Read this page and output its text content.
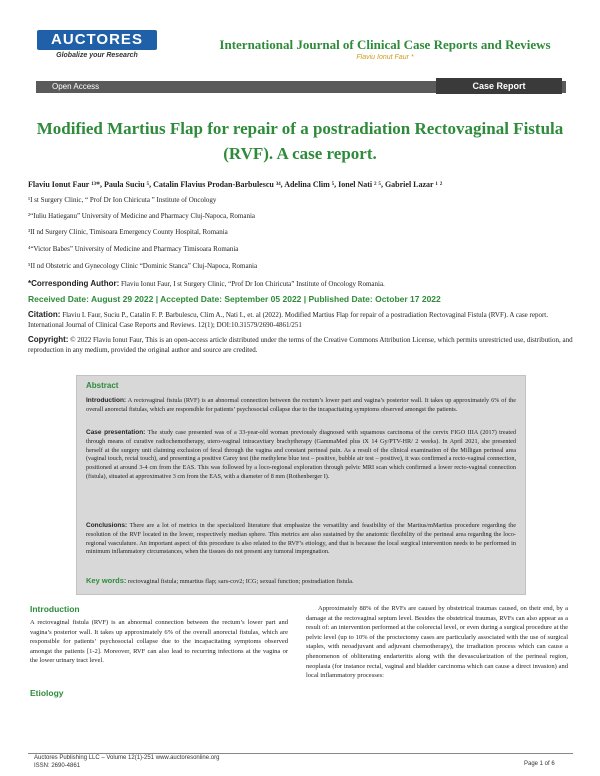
AUCTORES
Globalize your Research
International Journal of Clinical Case Reports and Reviews
Flaviu Ionut Faur *
Open Access	Case Report
Modified Martius Flap for repair of a postradiation Rectovaginal Fistula (RVF). A case report.
Flaviu Ionut Faur ¹³*, Paula Suciu ⁵, Catalin Flavius Prodan-Barbulescu ³⁴, Adelina Clim ⁵, Ionel Nati ² ⁵, Gabriel Lazar ¹ ²
¹I st Surgery Clinic, “ Prof Dr Ion Chiricuta ” Institute of Oncology
²“Iuliu Hatieganu” University of Medicine and Pharmacy Cluj-Napoca, Romania
³II nd Surgery Clinic, Timisoara Emergency County Hospital, Romania
⁴“Victor Babes” University of Medicine and Pharmacy Timisoara Romania
⁵II nd Obstetric and Gynecology Clinic “Dominic Stanca” Cluj-Napoca, Romania
*Corresponding Author: Flaviu Ionut Faur, I st Surgery Clinic, “Prof Dr Ion Chiricuta” Institute of Oncology Romania.
Received Date: August 29 2022 | Accepted Date: September 05 2022 | Published Date: October 17 2022
Citation: Flaviu I. Faur, Suciu P., Catalin F. P. Barbulescu, Clim A., Nati I., et. al (2022). Modified Martius Flap for repair of a postradiation Rectovaginal Fistula (RVF). A case report. International Journal of Clinical Case Reports and Reviews. 12(1); DOI:10.31579/2690-4861/251
Copyright: © 2022 Flaviu Ionut Faur, This is an open-access article distributed under the terms of the Creative Commons Attribution License, which permits unrestricted use, distribution, and reproduction in any medium, provided the original author and source are credited.
Abstract
Introduction: A rectovaginal fistula (RVF) is an abnormal connection between the rectum’s lower part and vagina’s posterior wall. It takes up approximately 6% of the overall anorectal fistulas, which are responsible for patients’ psychosocial collapse due to the incapacitating symptoms observed amongst the patients.
Case presentation: The study case presented was of a 33-year-old woman previously diagnosed with squamous carcinoma of the cervix FIGO IIIA (2017) treated through means of curative radiochemotherapy, utero-vaginal intracavitary brachytherapy (GammaMed plus iX 14 Gy/PTV-HR/ 2 weeks). In April 2021, she presented herself at the surgery unit claiming exclusion of fecal through the vagina and constant perineal pain. As a result of the clinical examination of the Milligan perineal area (vaginal touch, rectal touch), and presenting a positive Carey test (the methylene blue test – positive, bubble air test – positive), it was confirmed a recto-vaginal connection, positioned at around 3-4 cm from the EAS. This was followed by a loco-regional exploration through pelvic MRI scan which confirmed a lower recto-vaginal connection (fistula), situated at approximative 3 cm from the EAS, with a diameter of 8 mm (Rothenberger I).
Conclusions: There are a lot of metrics in the specialized literature that emphasize the versatility and feasibility of the Martius/mMartius procedure regarding the resolution of the RVF located in the lower, respectively median sphere. This metrics are also sustained by the anatomic flexibility of the perineal area regarding the loco-regional vasculature. An important aspect of this procedure is also related to the RVF’s etiology, and that is because the local surgical intervention needs to be performed in minimum inflammatory circumstances, when the tissues do not present any tumoral impregnation.
Key words: rectovaginal fistula; mmartius flap; sars-cov2; ICG; sexual function; postradiation fistula.
Introduction
A rectovaginal fistula (RVF) is an abnormal connection between the rectum’s lower part and vagina’s posterior wall. It takes up approximately 6% of the overall anorectal fistulas, which are responsible for patients’ psychosocial collapse due to the incapacitating symptoms observed amongst the patients [1-2]. Moreover, RVF can also lead to recurring infections at the vagina or the lower urinary tract level.
Etiology
Approximately 88% of the RVFs are caused by obstetrical traumas caused, on their end, by a damage at the rectovaginal septum level. Besides the obstetrical traumas, RVFs can also appear as a result of: an intervention performed at the colorectal level, or even during a surgical procedure at the pelvic level (up to 10% of the proctectomy cases are particularly associated with the use of surgical staples, with neoadjuvant and adjuvant chemotherapy), the irradiation process which can cause a phenomenon of obliterating endarteritis along with the devascularization of the perineal region, neoplasia (for instance rectal, vaginal and bladder carcinoma which can cause a direct invasion) and local inflammatory processes:
Auctores Publishing LLC – Volume 12(1)-251 www.auctoresonline.org
ISSN: 2690-4861	Page 1 of 6
